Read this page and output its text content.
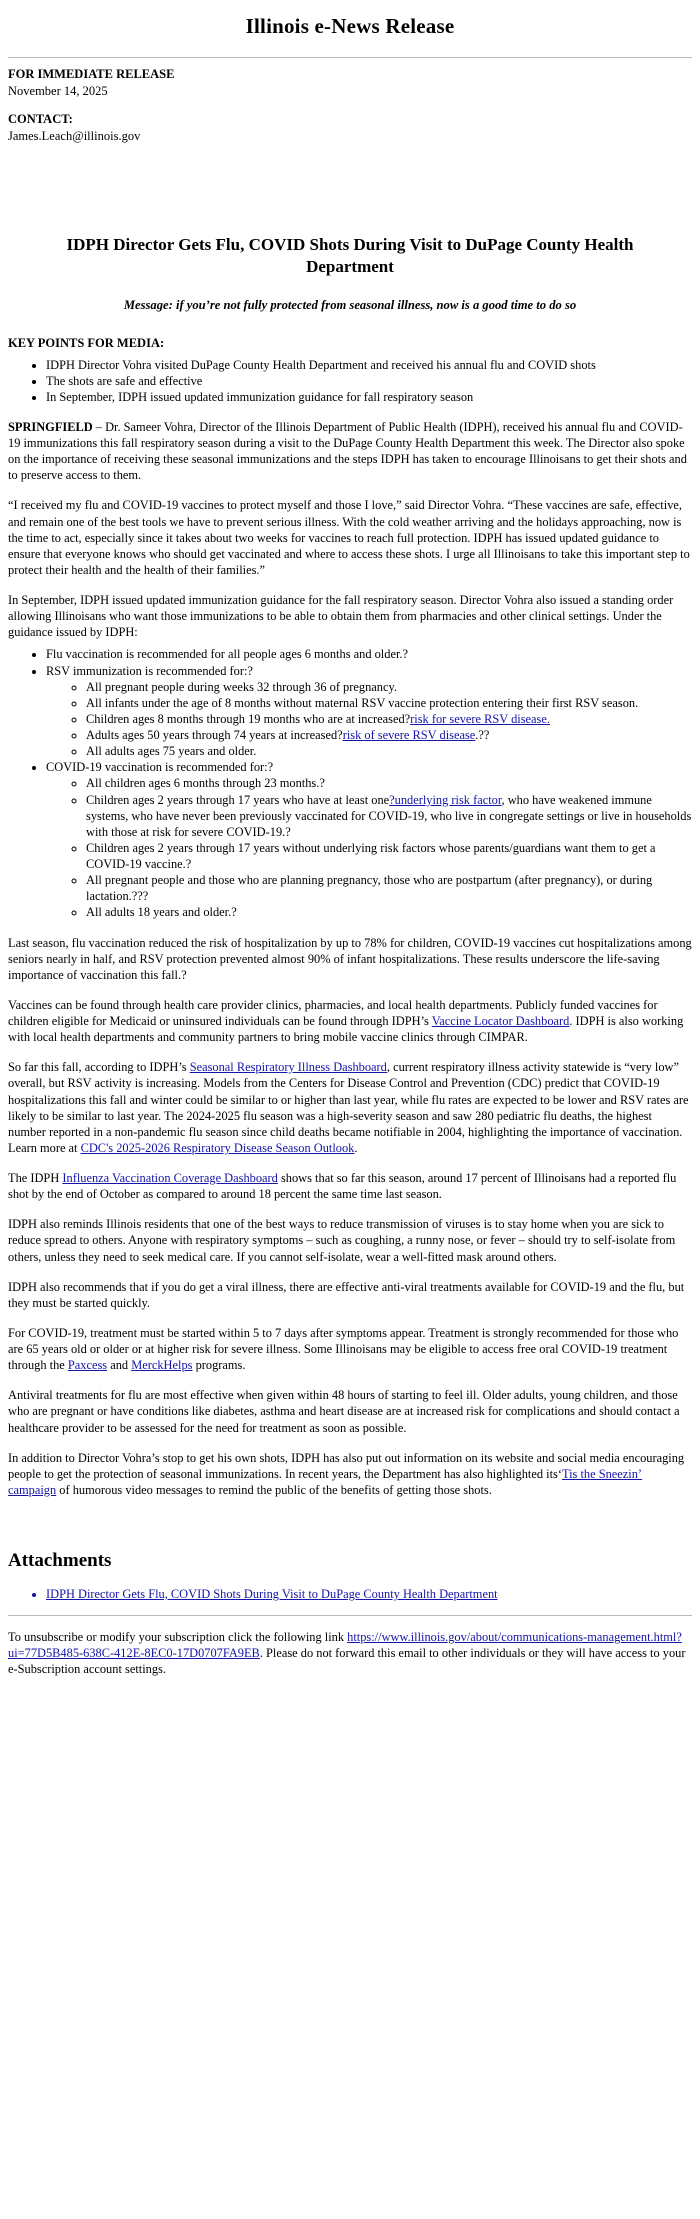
Illinois e-News Release
FOR IMMEDIATE RELEASE
November 14, 2025
CONTACT:
James.Leach@illinois.gov
IDPH Director Gets Flu, COVID Shots During Visit to DuPage County Health Department
Message: if you’re not fully protected from seasonal illness, now is a good time to do so
KEY POINTS FOR MEDIA:
• IDPH Director Vohra visited DuPage County Health Department and received his annual flu and COVID shots
• The shots are safe and effective
• In September, IDPH issued updated immunization guidance for fall respiratory season

SPRINGFIELD – Dr. Sameer Vohra, Director of the Illinois Department of Public Health (IDPH), received his annual flu and COVID-19 immunizations this fall respiratory season during a visit to the DuPage County Health Department this week. The Director also spoke on the importance of receiving these seasonal immunizations and the steps IDPH has taken to encourage Illinoisans to get their shots and to preserve access to them.

“I received my flu and COVID-19 vaccines to protect myself and those I love,” said Director Vohra. “These vaccines are safe, effective, and remain one of the best tools we have to prevent serious illness. With the cold weather arriving and the holidays approaching, now is the time to act, especially since it takes about two weeks for vaccines to reach full protection. IDPH has issued updated guidance to ensure that everyone knows who should get vaccinated and where to access these shots. I urge all Illinoisans to take this important step to protect their health and the health of their families.”

In September, IDPH issued updated immunization guidance for the fall respiratory season. Director Vohra also issued a standing order allowing Illinoisans who want those immunizations to be able to obtain them from pharmacies and other clinical settings. Under the guidance issued by IDPH:

• Flu vaccination is recommended for all people ages 6 months and older.?
• RSV immunization is recommended for:?
◦ All pregnant people during weeks 32 through 36 of pregnancy.
◦ All infants under the age of 8 months without maternal RSV vaccine protection entering their first RSV season.
◦ Children ages 8 months through 19 months who are at increased?risk for severe RSV disease.
◦ Adults ages 50 years through 74 years at increased?risk of severe RSV disease.??
◦ All adults ages 75 years and older.
• COVID-19 vaccination is recommended for:?
◦ All children ages 6 months through 23 months.?
◦ Children ages 2 years through 17 years who have at least one?underlying risk factor, who have weakened immune systems, who have never been previously vaccinated for COVID-19, who live in congregate settings or live in households with those at risk for severe COVID-19.?
◦ Children ages 2 years through 17 years without underlying risk factors whose parents/guardians want them to get a COVID-19 vaccine.?
◦ All pregnant people and those who are planning pregnancy, those who are postpartum (after pregnancy), or during lactation.???
◦ All adults 18 years and older.?

Last season, flu vaccination reduced the risk of hospitalization by up to 78% for children, COVID-19 vaccines cut hospitalizations among seniors nearly in half, and RSV protection prevented almost 90% of infant hospitalizations. These results underscore the life-saving importance of vaccination this fall.?

Vaccines can be found through health care provider clinics, pharmacies, and local health departments. Publicly funded vaccines for children eligible for Medicaid or uninsured individuals can be found through IDPH’s Vaccine Locator Dashboard. IDPH is also working with local health departments and community partners to bring mobile vaccine clinics through CIMPAR.

So far this fall, according to IDPH’s Seasonal Respiratory Illness Dashboard, current respiratory illness activity statewide is “very low” overall, but RSV activity is increasing. Models from the Centers for Disease Control and Prevention (CDC) predict that COVID-19 hospitalizations this fall and winter could be similar to or higher than last year, while flu rates are expected to be lower and RSV rates are likely to be similar to last year. The 2024-2025 flu season was a high-severity season and saw 280 pediatric flu deaths, the highest number reported in a non-pandemic flu season since child deaths became notifiable in 2004, highlighting the importance of vaccination. Learn more at CDC's 2025-2026 Respiratory Disease Season Outlook.

The IDPH Influenza Vaccination Coverage Dashboard shows that so far this season, around 17 percent of Illinoisans had a reported flu shot by the end of October as compared to around 18 percent the same time last season.

IDPH also reminds Illinois residents that one of the best ways to reduce transmission of viruses is to stay home when you are sick to reduce spread to others. Anyone with respiratory symptoms – such as coughing, a runny nose, or fever – should try to self-isolate from others, unless they need to seek medical care. If you cannot self-isolate, wear a well-fitted mask around others.

IDPH also recommends that if you do get a viral illness, there are effective anti-viral treatments available for COVID-19 and the flu, but they must be started quickly.

For COVID-19, treatment must be started within 5 to 7 days after symptoms appear. Treatment is strongly recommended for those who are 65 years old or older or at higher risk for severe illness. Some Illinoisans may be eligible to access free oral COVID-19 treatment through the Paxcess and MerckHelps programs.

Antiviral treatments for flu are most effective when given within 48 hours of starting to feel ill. Older adults, young children, and those who are pregnant or have conditions like diabetes, asthma and heart disease are at increased risk for complications and should contact a healthcare provider to be assessed for the need for treatment as soon as possible.

In addition to Director Vohra’s stop to get his own shots, IDPH has also put out information on its website and social media encouraging people to get the protection of seasonal immunizations. In recent years, the Department has also highlighted its‘Tis the Sneezin’ campaign of humorous video messages to remind the public of the benefits of getting those shots.

Attachments
• IDPH Director Gets Flu, COVID Shots During Visit to DuPage County Health Department

To unsubscribe or modify your subscription click the following link https://www.illinois.gov/about/communications-management.html?ui=77D5B485-638C-412E-8EC0-17D0707FA9EB. Please do not forward this email to other individuals or they will have access to your e-Subscription account settings.
